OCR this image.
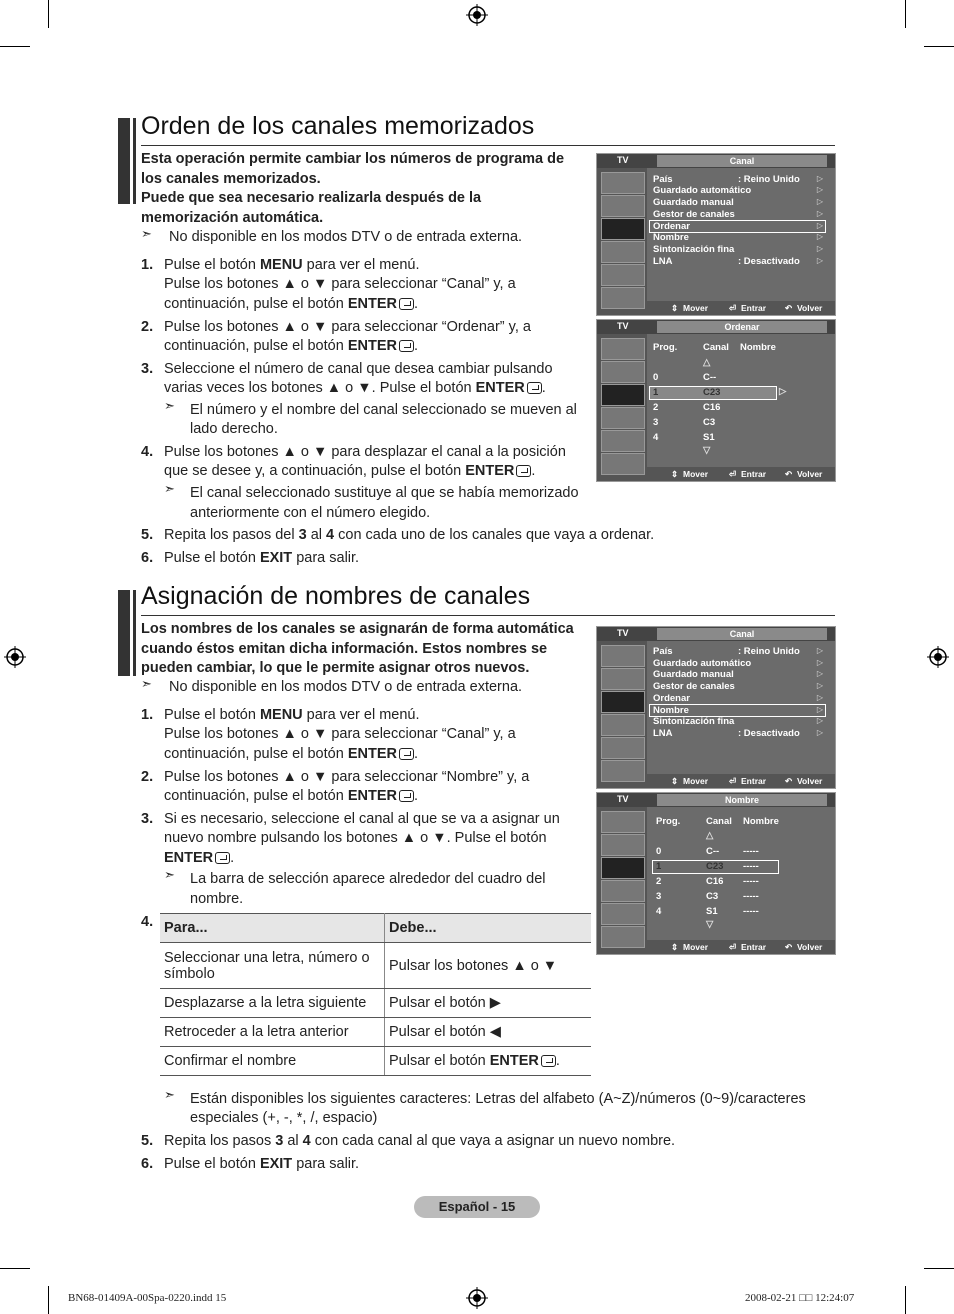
Orden de los canales memorizados
Esta operación permite cambiar los números de programa de
los canales memorizados.
Puede que sea necesario realizarla después de la
memorización automática.
➣ No disponible en los modos DTV o de entrada externa.
1. Pulse el botón MENU para ver el menú.
Pulse los botones ▲ o ▼ para seleccionar “Canal” y, a
continuación, pulse el botón ENTER .
2. Pulse los botones ▲ o ▼ para seleccionar “Ordenar” y, a
continuación, pulse el botón ENTER .
3. Seleccione el número de canal que desea cambiar pulsando
varias veces los botones ▲ o ▼. Pulse el botón ENTER .
➣ El número y el nombre del canal seleccionado se mueven al
lado derecho.
4. Pulse los botones ▲ o ▼ para desplazar el canal a la posición
que se desee y, a continuación, pulse el botón ENTER .
➣ El canal seleccionado sustituye al que se había memorizado
anteriormente con el número elegido.
5. Repita los pasos del 3 al 4 con cada uno de los canales que vaya a ordenar.
6. Pulse el botón EXIT para salir.
TV	Canal
País	: Reino Unido
Guardado automático
Guardado manual
Gestor de canales
Ordenar
Nombre
Sintonización fina
LNA	: Desactivado
▷
▷
▷
▷
▷
▷
▷
▷
⇕ Mover ⏎ Entrar ↶ Volver
TV	Ordenar
Prog.	Canal Nombre
△
0	C--
1	C23	▷
2	C16
3	C3
4	S1
▽
⇕ Mover ⏎ Entrar ↶ Volver
Asignación de nombres de canales
Los nombres de los canales se asignarán de forma automática
cuando éstos emitan dicha información. Estos nombres se
pueden cambiar, lo que le permite asignar otros nuevos.
➣ No disponible en los modos DTV o de entrada externa.
1. Pulse el botón MENU para ver el menú.
Pulse los botones ▲ o ▼ para seleccionar “Canal” y, a
continuación, pulse el botón ENTER .
2. Pulse los botones ▲ o ▼ para seleccionar “Nombre” y, a
continuación, pulse el botón ENTER .
3. Si es necesario, seleccione el canal al que se va a asignar un
nuevo nombre pulsando los botones ▲ o ▼. Pulse el botón
ENTER .
➣ La barra de selección aparece alrededor del cuadro del
nombre.
4. Para...	Debe...
Seleccionar una letra, número o símbolo	Pulsar los botones ▲ o ▼
Desplazarse a la letra siguiente	Pulsar el botón ▶
Retroceder a la letra anterior	Pulsar el botón ◀
Confirmar el nombre	Pulsar el botón ENTER .
➣ Están disponibles los siguientes caracteres: Letras del alfabeto (A~Z)/números (0~9)/caracteres
especiales (+, -, *, /, espacio)
5. Repita los pasos 3 al 4 con cada canal al que vaya a asignar un nuevo nombre.
6. Pulse el botón EXIT para salir.
TV	Canal
País	: Reino Unido
Guardado automático
Guardado manual
Gestor de canales
Ordenar
Nombre
Sintonización fina
LNA	: Desactivado
▷
▷
▷
▷
▷
▷
▷
▷
⇕ Mover ⏎ Entrar ↶ Volver
TV	Nombre
Prog.	Canal Nombre
△
0	C--	-----
1	C23 -----
2	C16 -----
3	C3	-----
4	S1	-----
▽
⇕ Mover ⏎ Entrar ↶ Volver
Español - 15
BN68-01409A-00Spa-0220.indd 15	2008-02-21 □□ 12:24:07
